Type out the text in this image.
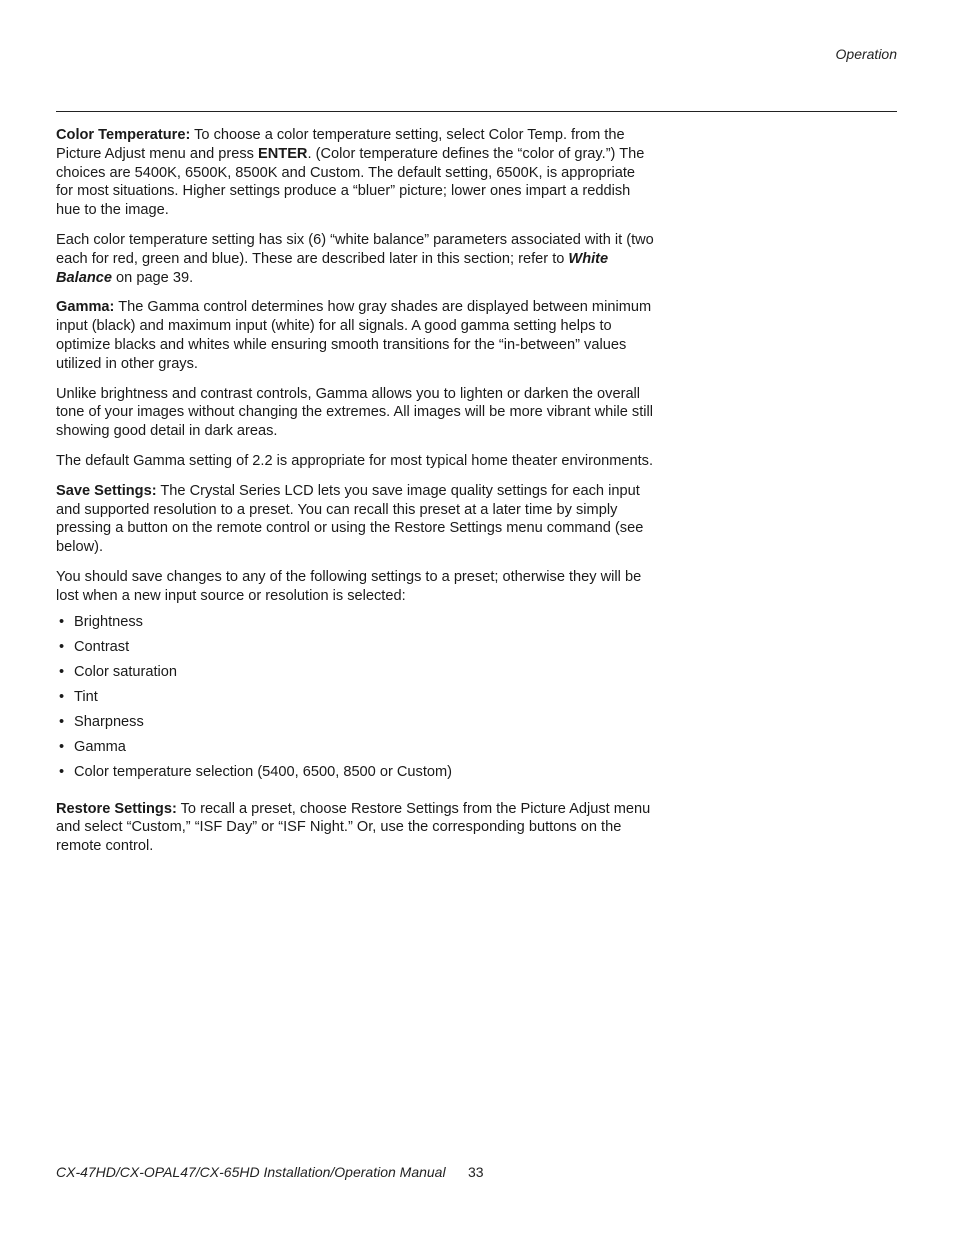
Operation

Color Temperature: To choose a color temperature setting, select Color Temp. from the Picture Adjust menu and press ENTER. (Color temperature defines the “color of gray.”) The choices are 5400K, 6500K, 8500K and Custom. The default setting, 6500K, is appropriate for most situations. Higher settings produce a “bluer” picture; lower ones impart a reddish hue to the image.

Each color temperature setting has six (6) “white balance” parameters associated with it (two each for red, green and blue). These are described later in this section; refer to White Balance on page 39.

Gamma: The Gamma control determines how gray shades are displayed between minimum input (black) and maximum input (white) for all signals. A good gamma setting helps to optimize blacks and whites while ensuring smooth transitions for the “in-between” values utilized in other grays.

Unlike brightness and contrast controls, Gamma allows you to lighten or darken the overall tone of your images without changing the extremes. All images will be more vibrant while still showing good detail in dark areas.

The default Gamma setting of 2.2 is appropriate for most typical home theater environments.

Save Settings: The Crystal Series LCD lets you save image quality settings for each input and supported resolution to a preset. You can recall this preset at a later time by simply pressing a button on the remote control or using the Restore Settings menu command (see below).

You should save changes to any of the following settings to a preset; otherwise they will be lost when a new input source or resolution is selected:

• Brightness
• Contrast
• Color saturation
• Tint
• Sharpness
• Gamma
• Color temperature selection (5400, 6500, 8500 or Custom)

Restore Settings: To recall a preset, choose Restore Settings from the Picture Adjust menu and select “Custom,” “ISF Day” or “ISF Night.” Or, use the corresponding buttons on the remote control.

CX-47HD/CX-OPAL47/CX-65HD Installation/Operation Manual 33
